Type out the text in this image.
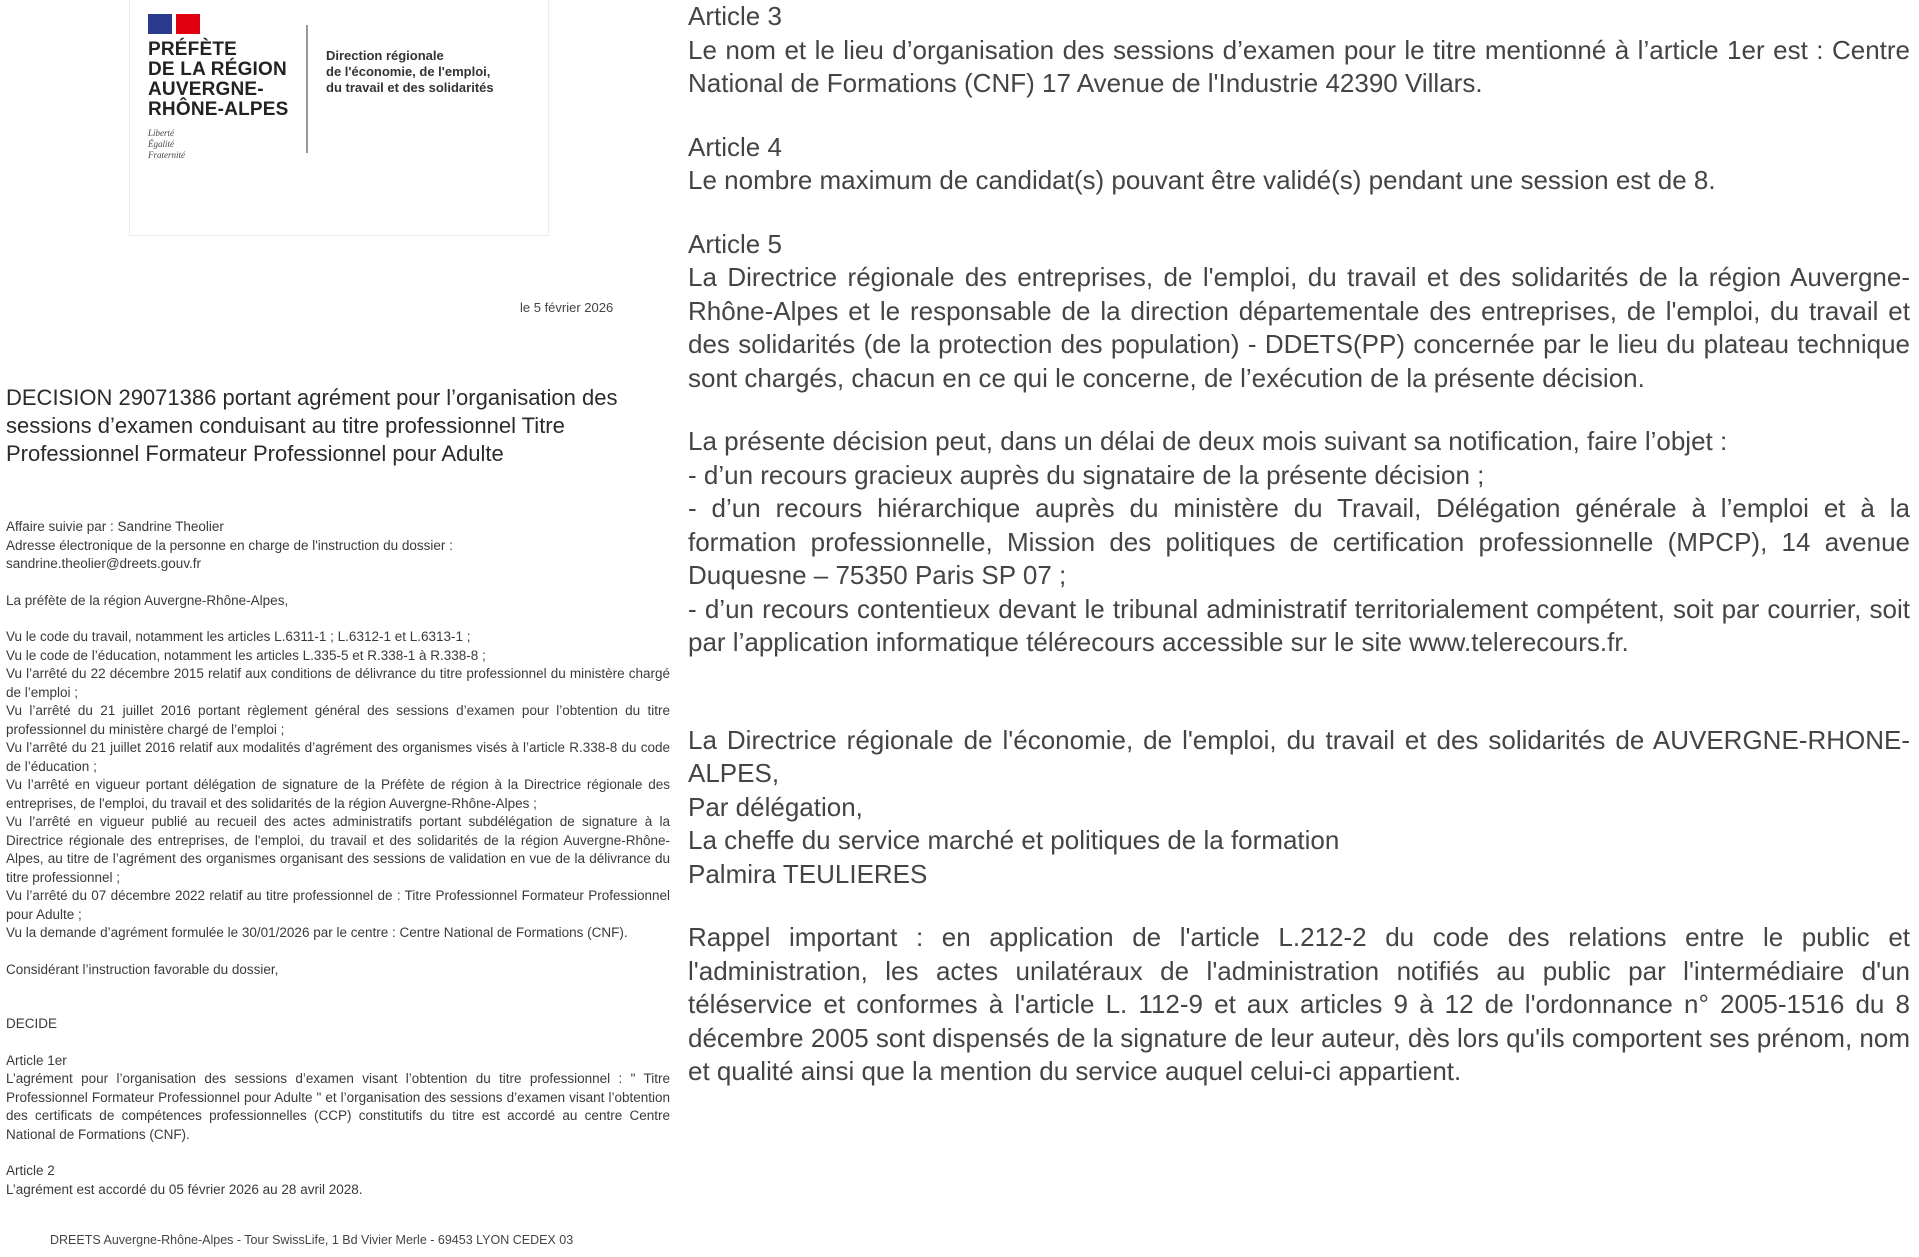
PRÉFÈTE
DE LA RÉGION
AUVERGNE-
RHÔNE-ALPES
Liberté
Égalité
Fraternité
Direction régionale
de l'économie, de l'emploi,
du travail et des solidarités
le 5 février 2026
DECISION 29071386 portant agrément pour l’organisation des sessions d’examen conduisant au titre professionnel Titre Professionnel Formateur Professionnel pour Adulte

Affaire suivie par : Sandrine Theolier

Adresse électronique de la personne en charge de l'instruction du dossier :

sandrine.theolier@dreets.gouv.fr

La préfète de la région Auvergne-Rhône-Alpes,

Vu le code du travail, notamment les articles L.6311-1 ; L.6312-1 et L.6313-1 ;

Vu le code de l’éducation, notamment les articles L.335-5 et R.338-1 à R.338-8 ;

Vu l’arrêté du 22 décembre 2015 relatif aux conditions de délivrance du titre professionnel du ministère chargé de l’emploi ;

Vu l’arrêté du 21 juillet 2016 portant règlement général des sessions d’examen pour l’obtention du titre professionnel du ministère chargé de l’emploi ;

Vu l’arrêté du 21 juillet 2016 relatif aux modalités d’agrément des organismes visés à l’article R.338-8 du code de l’éducation ;

Vu l’arrêté en vigueur portant délégation de signature de la Préfète de région à la Directrice régionale des entreprises, de l'emploi, du travail et des solidarités de la région Auvergne-Rhône-Alpes ;

Vu l’arrêté en vigueur publié au recueil des actes administratifs portant subdélégation de signature à la Directrice régionale des entreprises, de l'emploi, du travail et des solidarités de la région Auvergne-Rhône-Alpes, au titre de l’agrément des organismes organisant des sessions de validation en vue de la délivrance du titre professionnel ;

Vu l’arrêté du 07 décembre 2022 relatif au titre professionnel de : Titre Professionnel Formateur Professionnel pour Adulte ;

Vu la demande d’agrément formulée le 30/01/2026 par le centre : Centre National de Formations (CNF).

Considérant l’instruction favorable du dossier,

DECIDE

Article 1er

L’agrément pour l’organisation des sessions d’examen visant l’obtention du titre professionnel : " Titre Professionnel Formateur Professionnel pour Adulte " et l’organisation des sessions d’examen visant l’obtention des certificats de compétences professionnelles (CCP) constitutifs du titre est accordé au centre Centre National de Formations (CNF).

Article 2

L’agrément est accordé du 05 février 2026 au 28 avril 2028.

DREETS Auvergne-Rhône-Alpes - Tour SwissLife, 1 Bd Vivier Merle - 69453 LYON CEDEX 03

Article 3

Le nom et le lieu d’organisation des sessions d’examen pour le titre mentionné à l’article 1er est : Centre National de Formations (CNF) 17 Avenue de l'Industrie 42390 Villars.

Article 4

Le nombre maximum de candidat(s) pouvant être validé(s) pendant une session est de 8.

Article 5

La Directrice régionale des entreprises, de l'emploi, du travail et des solidarités de la région Auvergne-Rhône-Alpes et le responsable de la direction départementale des entreprises, de l'emploi, du travail et des solidarités (de la protection des population) - DDETS(PP) concernée par le lieu du plateau technique sont chargés, chacun en ce qui le concerne, de l’exécution de la présente décision.

La présente décision peut, dans un délai de deux mois suivant sa notification, faire l’objet :

- d’un recours gracieux auprès du signataire de la présente décision ;

- d’un recours hiérarchique auprès du ministère du Travail, Délégation générale à l’emploi et à la formation professionnelle, Mission des politiques de certification professionnelle (MPCP), 14 avenue Duquesne – 75350 Paris SP 07 ;

- d’un recours contentieux devant le tribunal administratif territorialement compétent, soit par courrier, soit par l’application informatique télérecours accessible sur le site www.telerecours.fr.

La Directrice régionale de l'économie, de l'emploi, du travail et des solidarités de AUVERGNE-RHONE-ALPES,

Par délégation,

La cheffe du service marché et politiques de la formation

Palmira TEULIERES

Rappel important : en application de l'article L.212-2 du code des relations entre le public et l'administration, les actes unilatéraux de l'administration notifiés au public par l'intermédiaire d'un téléservice et conformes à l'article L. 112-9 et aux articles 9 à 12 de l'ordonnance n° 2005-1516 du 8 décembre 2005 sont dispensés de la signature de leur auteur, dès lors qu'ils comportent ses prénom, nom et qualité ainsi que la mention du service auquel celui-ci appartient.
